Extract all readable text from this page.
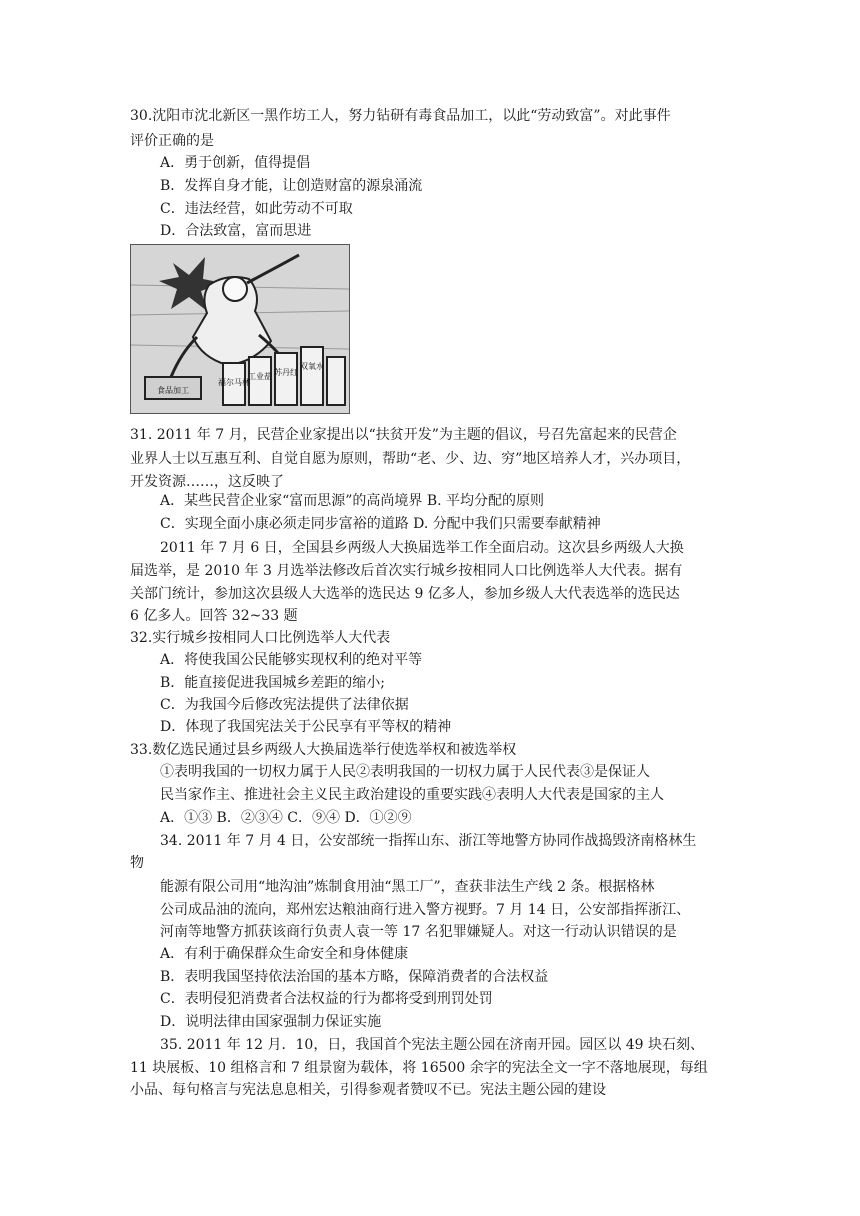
30.沈阳市沈北新区一黑作坊工人，努力钻研有毒食品加工，以此“劳动致富”。对此事件
评价正确的是
A．勇于创新，值得提倡
B．发挥自身才能，让创造财富的源泉涌流
C．违法经营，如此劳动不可取
D．合法致富，富而思进
食品加工
工业盐 苏丹红
双氧水
福尔马林
31. 2011 年 7 月，民营企业家提出以“扶贫开发”为主题的倡议，号召先富起来的民营企
业界人士以互惠互利、自觉自愿为原则，帮助“老、少、边、穷”地区培养人才，兴办项目，
开发资源……，这反映了
A．某些民营企业家“富而思源”的高尚境界 B. 平均分配的原则
C．实现全面小康必须走同步富裕的道路 D. 分配中我们只需要奉献精神
2011 年 7 月 6 日，全国县乡两级人大换届选举工作全面启动。这次县乡两级人大换
届选举，是 2010 年 3 月选举法修改后首次实行城乡按相同人口比例选举人大代表。据有
关部门统计，参加这次县级人大选举的选民达 9 亿多人，参加乡级人大代表选举的选民达
6 亿多人。回答 32~33 题
32.实行城乡按相同人口比例选举人大代表
A．将使我国公民能够实现权利的绝对平等
B．能直接促进我国城乡差距的缩小;
C．为我国今后修改宪法提供了法律依据
D．体现了我国宪法关于公民享有平等权的精神
33.数亿选民通过县乡两级人大换届选举行使选举权和被选举权
①表明我国的一切权力属于人民②表明我国的一切权力属于人民代表③是保证人
民当家作主、推进社会主义民主政治建设的重要实践④表明人大代表是国家的主人
A．①③ B．②③④ C．⑨④ D．①②⑨
34. 2011 年 7 月 4 日，公安部统一指挥山东、浙江等地警方协同作战捣毁济南格林生
物
能源有限公司用“地沟油”炼制食用油“黑工厂”，查获非法生产线 2 条。根据格林
公司成品油的流向，郑州宏达粮油商行进入警方视野。7 月 14 日，公安部指挥浙江、
河南等地警方抓获该商行负责人袁一等 17 名犯罪嫌疑人。对这一行动认识错误的是
A．有利于确保群众生命安全和身体健康
B．表明我国坚持依法治国的基本方略，保障消费者的合法权益
C．表明侵犯消费者合法权益的行为都将受到刑罚处罚
D．说明法律由国家强制力保证实施
35. 2011 年 12 月．10，日，我国首个宪法主题公园在济南开园。园区以 49 块石刻、
11 块展板、10 组格言和 7 组景窗为载体，将 16500 余字的宪法全文一字不落地展现，每组
小品、每句格言与宪法息息相关，引得参观者赞叹不已。宪法主题公园的建设
